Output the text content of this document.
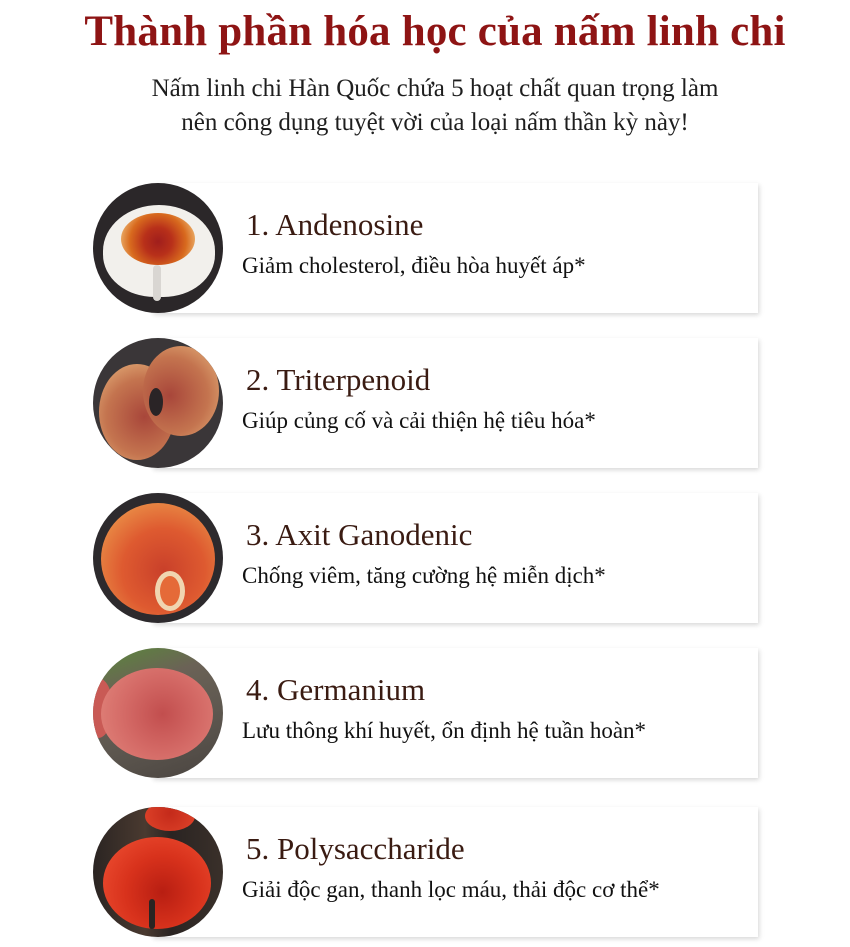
Thành phần hóa học của nấm linh chi
Nấm linh chi Hàn Quốc chứa 5 hoạt chất quan trọng làm
nên công dụng tuyệt vời của loại nấm thần kỳ này!
1. Andenosine
Giảm cholesterol, điều hòa huyết áp*
2. Triterpenoid
Giúp củng cố và cải thiện hệ tiêu hóa*
3. Axit Ganodenic
Chống viêm, tăng cường hệ miễn dịch*
4. Germanium
Lưu thông khí huyết, ổn định hệ tuần hoàn*
5. Polysaccharide
Giải độc gan, thanh lọc máu, thải độc cơ thể*
